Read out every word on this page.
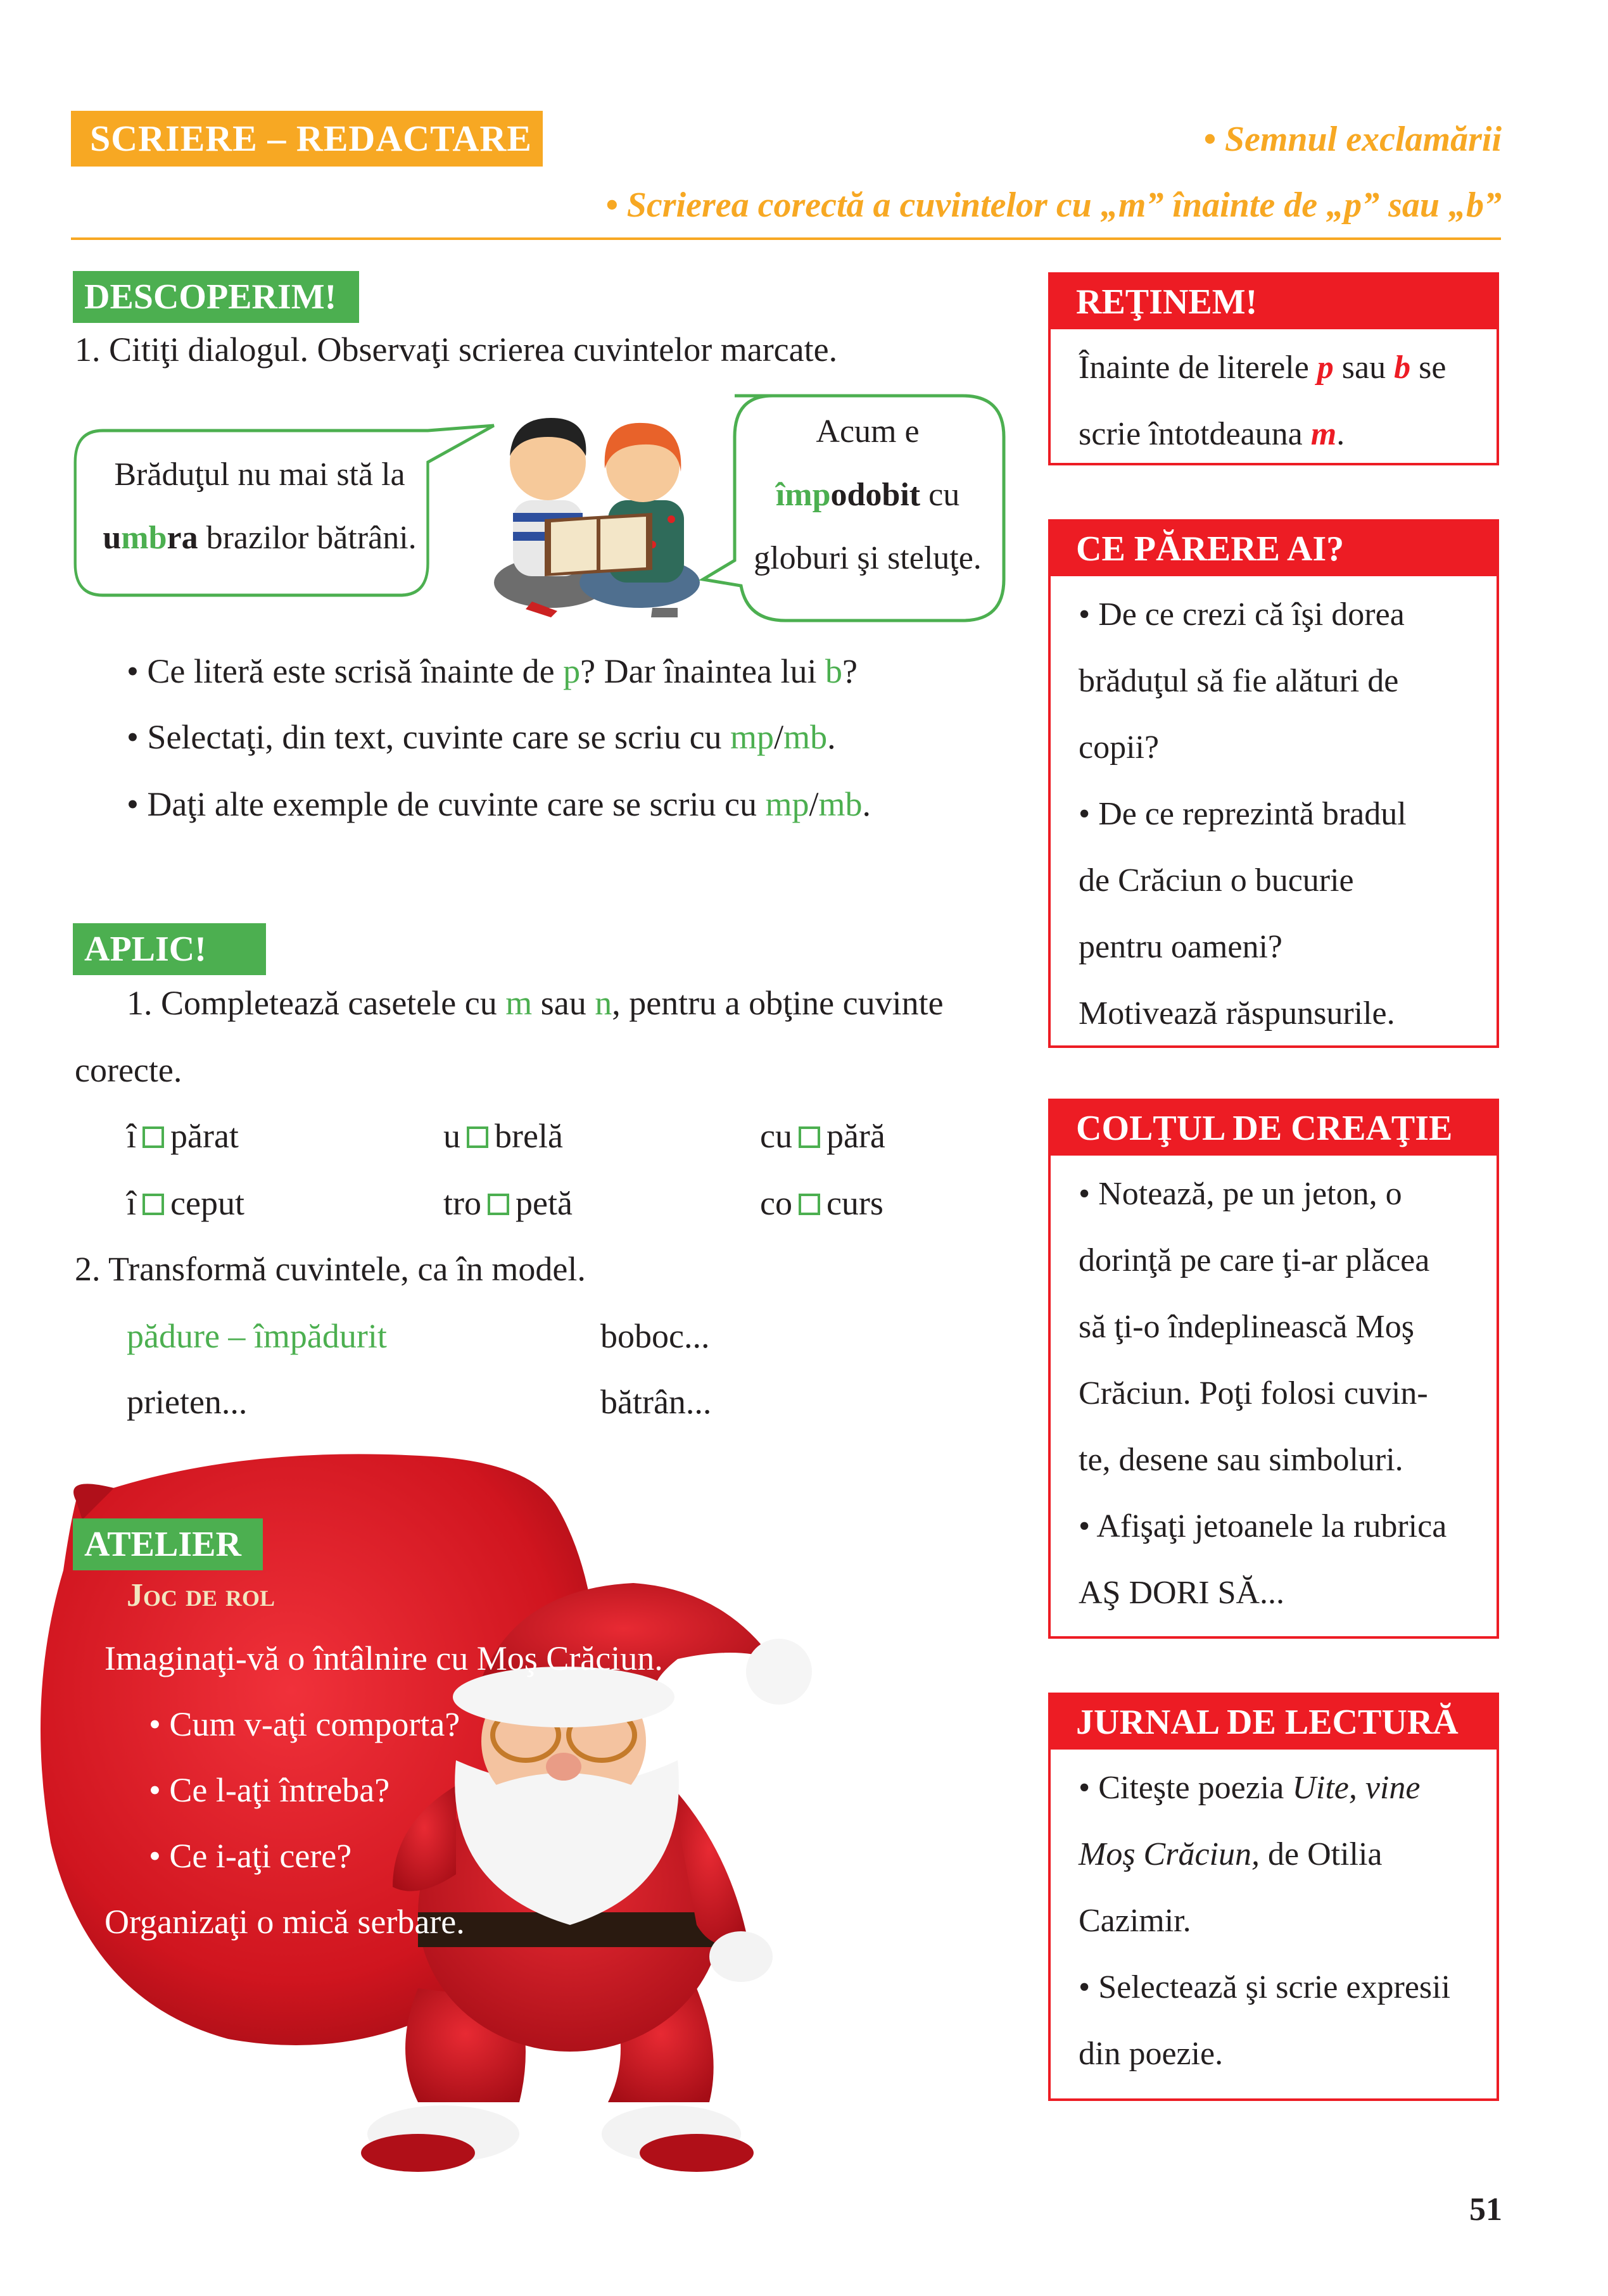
SCRIERE – REDACTARE	• Semnul exclamării
• Scrierea corectă a cuvintelor cu „m” înainte de „p” sau „b”
DESCOPERIM!
1. Citiţi dialogul. Observaţi scrierea cuvintelor marcate.
Brăduţul nu mai stă la
umbra brazilor bătrâni.
Acum e
împodobit cu
globuri şi steluţe.
• Ce literă este scrisă înainte de p? Dar înaintea lui b?
• Selectaţi, din text, cuvinte care se scriu cu mp/mb.
• Daţi alte exemple de cuvinte care se scriu cu mp/mb.
APLIC!
1. Completează casetele cu m sau n, pentru a obţine cuvinte
corecte.
î părat	u brelă	cu pără
î ceput	tro petă	co curs
2. Transformă cuvintele, ca în model.
pădure – împădurit	boboc...
prieten...	bătrân...
ATELIER
Joc de rol
Imaginaţi-vă o întâlnire cu Moş Crăciun.
• Cum v-aţi comporta?
• Ce l-aţi întreba?
• Ce i-aţi cere?
Organizaţi o mică serbare.
REŢINEM!

Înainte de literele p sau b se

scrie întotdeauna m.

CE PĂRERE AI?

• De ce crezi că îşi dorea

brăduţul să fie alături de

copii?

• De ce reprezintă bradul

de Crăciun o bucurie

pentru oameni?

Motivează răspunsurile.

COLŢUL DE CREAŢIE

• Notează, pe un jeton, o

dorinţă pe care ţi-ar plăcea

să ţi-o îndeplinească Moş

Crăciun. Poţi folosi cuvin-

te, desene sau simboluri.

• Afişaţi jetoanele la rubrica

AŞ DORI SĂ...

JURNAL DE LECTURĂ

• Citeşte poezia Uite, vine

Moş Crăciun, de Otilia

Cazimir.

• Selectează şi scrie expresii

din poezie.

51
